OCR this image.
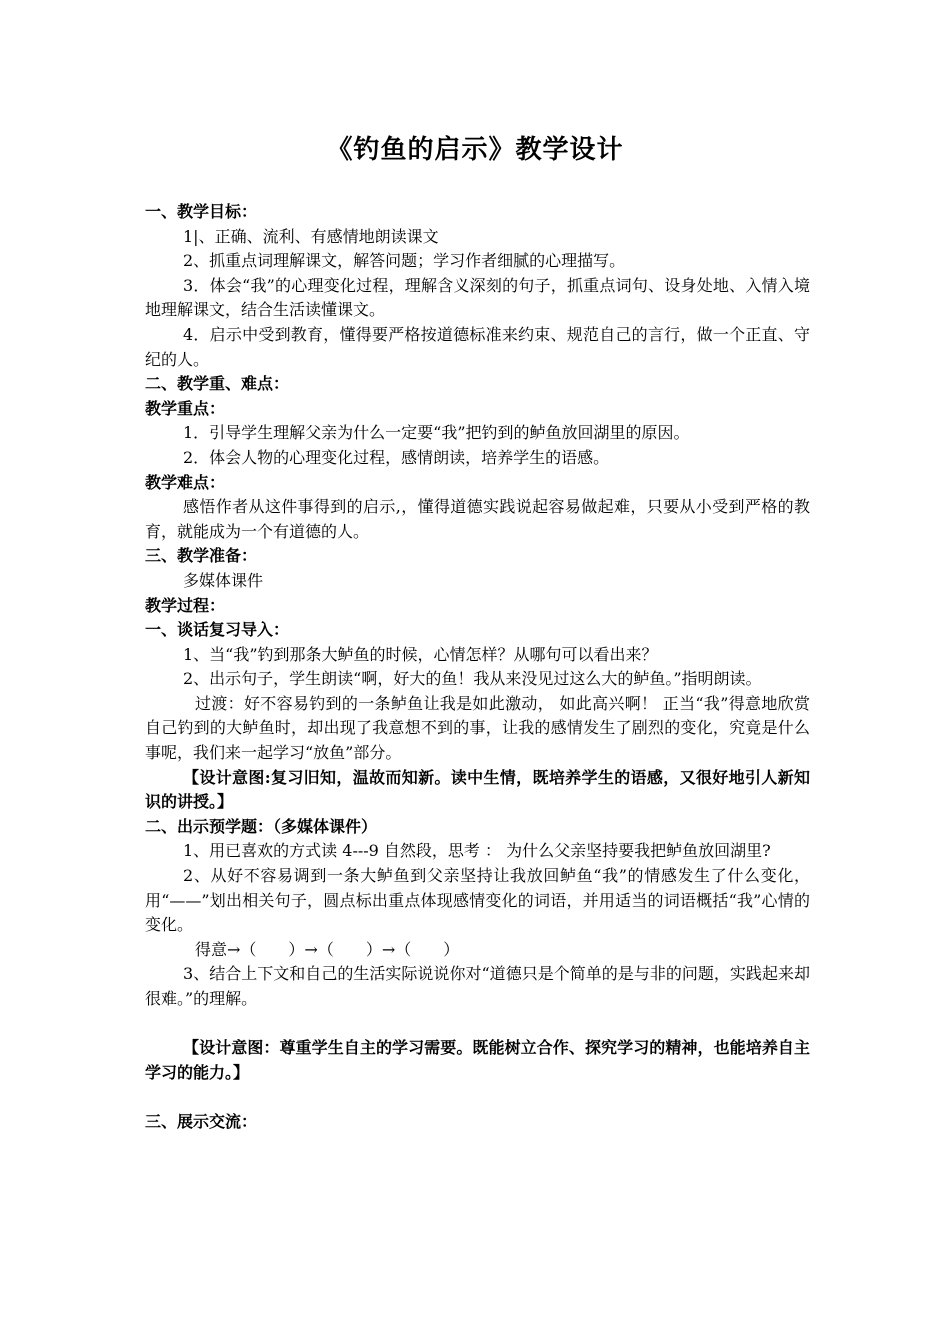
《钓鱼的启示》教学设计

一、教学目标：

1|、正确、流利、有感情地朗读课文

2、抓重点词理解课文，解答问题；学习作者细腻的心理描写。

3．体会“我”的心理变化过程，理解含义深刻的句子，抓重点词句、设身处地、入情入境地理解课文，结合生活读懂课文。

4．启示中受到教育，懂得要严格按道德标准来约束、规范自己的言行，做一个正直、守纪的人。

二、教学重、难点：

教学重点：

1．引导学生理解父亲为什么一定要“我”把钓到的鲈鱼放回湖里的原因。

2．体会人物的心理变化过程，感情朗读，培养学生的语感。

教学难点：

感悟作者从这件事得到的启示,，懂得道德实践说起容易做起难，只要从小受到严格的教育，就能成为一个有道德的人。

三、教学准备：

多媒体课件

教学过程：

一、谈话复习导入：

1、当“我”钓到那条大鲈鱼的时候，心情怎样？从哪句可以看出来？

2、出示句子，学生朗读“啊，好大的鱼！我从来没见过这么大的鲈鱼。”指明朗读。

过渡：好不容易钓到的一条鲈鱼让我是如此激动， 如此高兴啊！ 正当“我”得意地欣赏自己钓到的大鲈鱼时，却出现了我意想不到的事，让我的感情发生了剧烈的变化，究竟是什么事呢，我们来一起学习“放鱼”部分。

【设计意图:复习旧知，温故而知新。读中生情，既培养学生的语感，又很好地引人新知识的讲授。】

二、出示预学题：（多媒体课件）

1、用已喜欢的方式读 4---9 自然段，思考 ： 为什么父亲坚持要我把鲈鱼放回湖里?

2、从好不容易调到一条大鲈鱼到父亲坚持让我放回鲈鱼“我”的情感发生了什么变化，用“——”划出相关句子，圆点标出重点体现感情变化的词语，并用适当的词语概括“我”心情的变化。

得意→（　　）→（　　）→（　　）

3、结合上下文和自己的生活实际说说你对“道德只是个简单的是与非的问题，实践起来却很难。”的理解。

【设计意图：尊重学生自主的学习需要。既能树立合作、探究学习的精神，也能培养自主学习的能力。】

三、展示交流：
